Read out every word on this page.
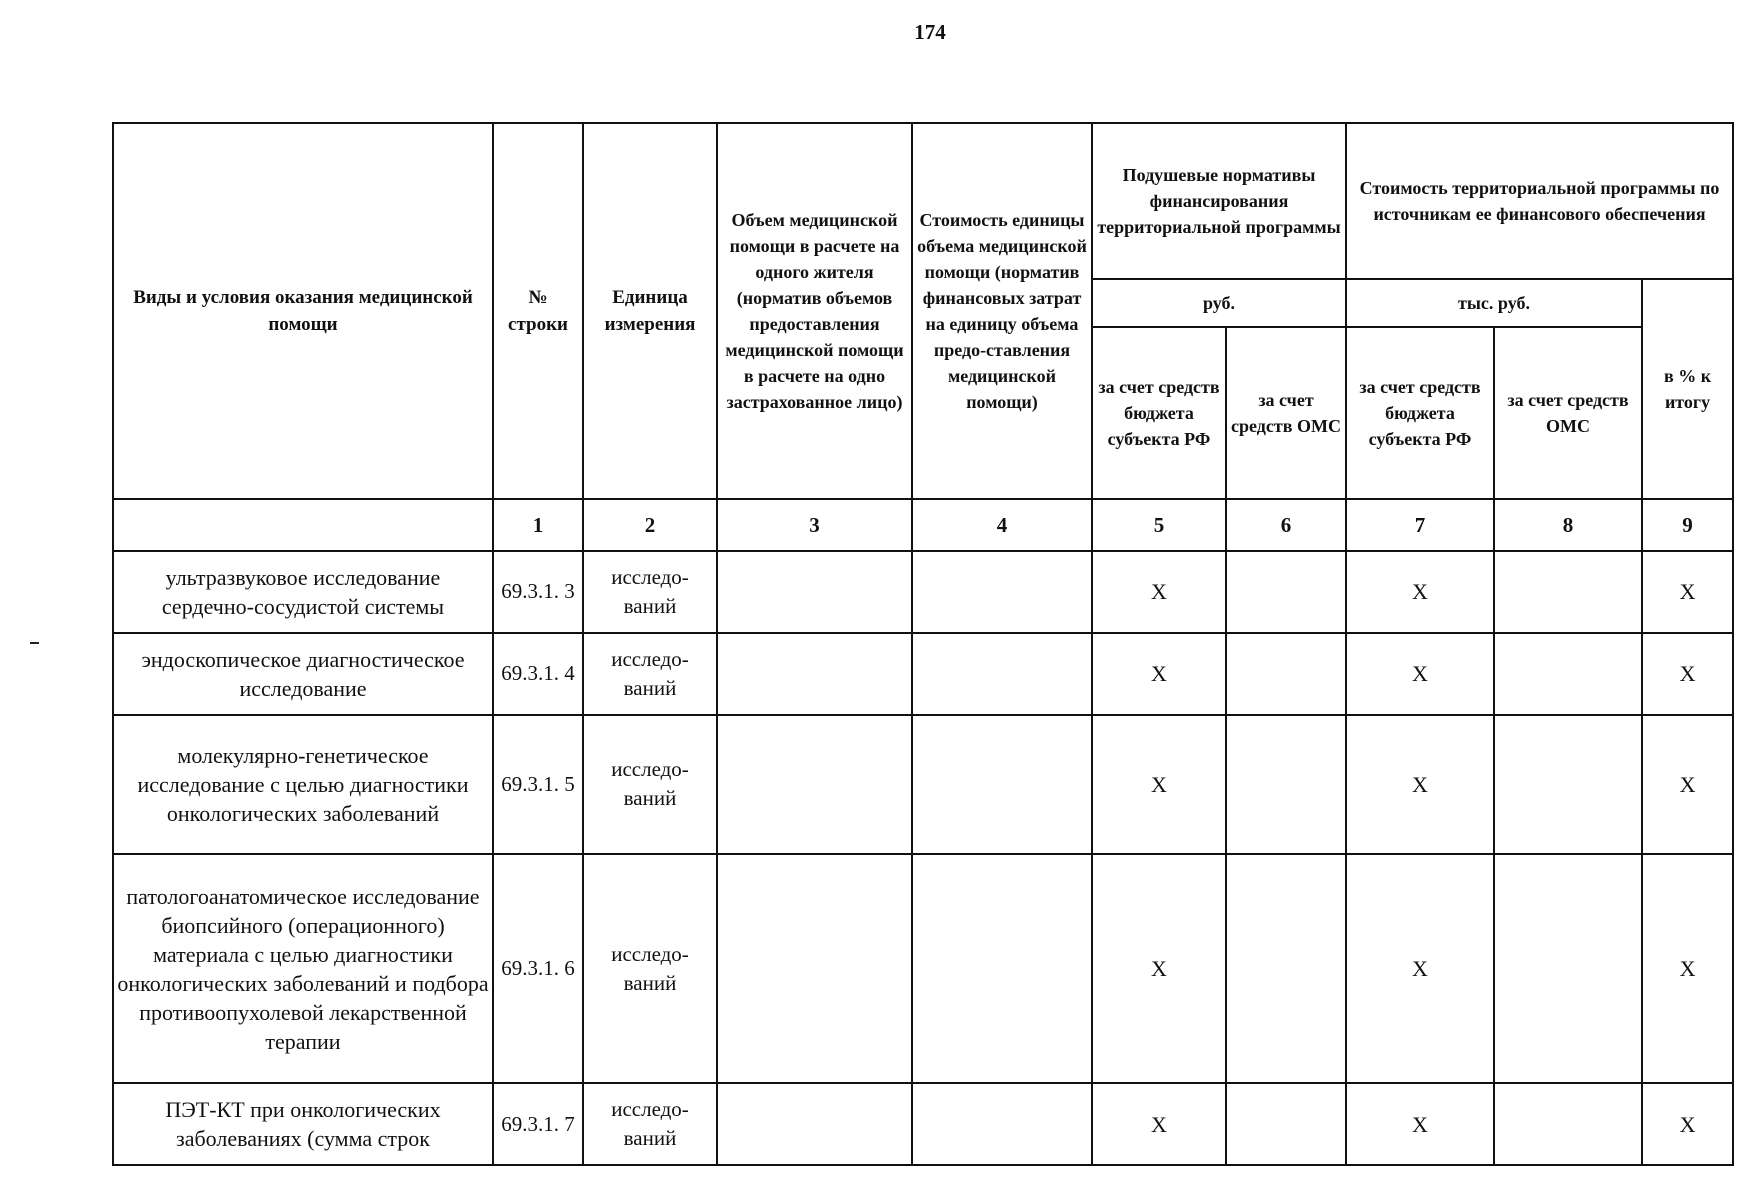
174
Виды и условия оказания медицинской помощи	№ строки	Единица измерения	Объем медицинской помощи в расчете на одного жителя (норматив объемов предоставления медицинской помощи в расчете на одно застрахованное лицо)	Стоимость единицы объема медицинской помощи (норматив финансовых затрат на единицу объема предо-ставления медицинской помощи)	Подушевые нормативы финансирования территориальной программы		Стоимость территориальной программы по источникам ее финансового обеспечения		
					руб.		тыс. руб.		в % к итогу
					за счет средств бюджета субъекта РФ	за счет средств ОМС	за счет средств бюджета субъекта РФ	за счет средств ОМС	
	1	2	3	4	5	6	7	8	9
ультразвуковое исследование сердечно-сосудистой системы	69.3.1. 3	исследо-ваний			X		X		X
эндоскопическое диагностическое исследование	69.3.1. 4	исследо-ваний			X		X		X
молекулярно-генетическое исследование с целью диагностики онкологических заболеваний	69.3.1. 5	исследо-ваний			X		X		X
патологоанатомическое исследование биопсийного (операционного) материала с целью диагностики онкологических заболеваний и подбора противоопухолевой лекарственной терапии	69.3.1. 6	исследо-ваний			X		X		X
ПЭТ-КТ при онкологических заболеваниях (сумма строк	69.3.1. 7	исследо-ваний			X		X		X
